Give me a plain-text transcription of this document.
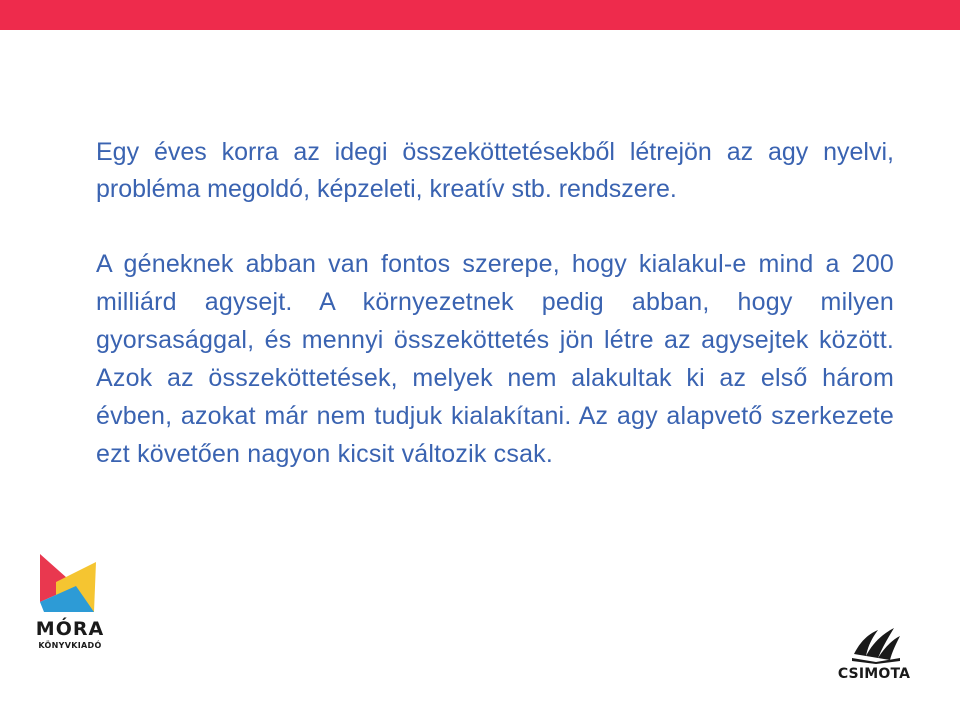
Egy éves korra az idegi összeköttetésekből létrejön az agy nyelvi, probléma megoldó, képzeleti, kreatív stb. rendszere.

A géneknek abban van fontos szerepe, hogy kialakul-e mind a 200 milliárd agysejt. A környezetnek pedig abban, hogy milyen gyorsasággal, és mennyi összeköttetés jön létre az agysejtek között. Azok az összeköttetések, melyek nem alakultak ki az első három évben, azokat már nem tudjuk kialakítani. Az agy alapvető szerkezete ezt követően nagyon kicsit változik csak.

MÓRA
KÖNYVKIADÓ
CSIMOTA
